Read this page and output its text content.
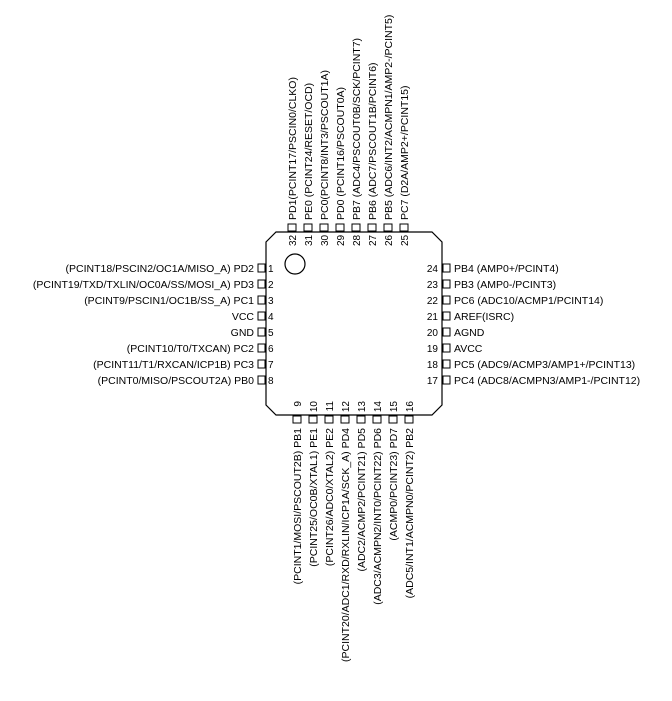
1
(PCINT18/PSCIN2/OC1A/MISO_A) PD2
2
(PCINT19/TXD/TXLIN/OC0A/SS/MOSI_A) PD3
3
(PCINT9/PSCIN1/OC1B/SS_A) PC1
4
VCC
5
GND
6
(PCINT10/T0/TXCAN) PC2
7
(PCINT11/T1/RXCAN/ICP1B) PC3
8
(PCINT0/MISO/PSCOUT2A) PB0	17 PC4 (ADC8/ACMPN3/AMP1-/PCINT12)
18 PC5 (ADC9/ACMP3/AMP1+/PCINT13)
19 AVCC
20 AGND
21 AREF(ISRC)
22 PC6 (ADC10/ACMP1/PCINT14)
23 PB3 (AMP0-/PCINT3)
24 PB4 (AMP0+/PCINT4)
25
PC7 (D2A/AMP2+/PCINT15)
26
PB5 (ADC6/INT2/ACMPN1/AMP2-/PCINT5)
27
PB6 (ADC7/PSCOUT1B/PCINT6)
28
PB7 (ADC4/PSCOUT0B/SCK/PCINT7)
29
PD0 (PCINT16/PSCOUT0A)
30
PC0(PCINT8/INT3/PSCOUT1A)
31
PE0 (PCINT24/RESET/OCD)
32
PD1(PCINT17/PSCIN0/CLKO)
9
(PCINT1/MOSI/PSCOUT2B) PB1
10
(PCINT25/OC0B/XTAL1) PE1
11
(PCINT26/ADC0/XTAL2) PE2
12
(PCINT20/ADC1/RXD/RXLIN/ICP1A/SCK_A) PD4
13
(ADC2/ACMP2/PCINT21) PD5
14
(ADC3/ACMPN2/INT0/PCINT22) PD6
15
(ACMP0/PCINT23) PD7
16
(ADC5/INT1/ACMPN0/PCINT2) PB2
